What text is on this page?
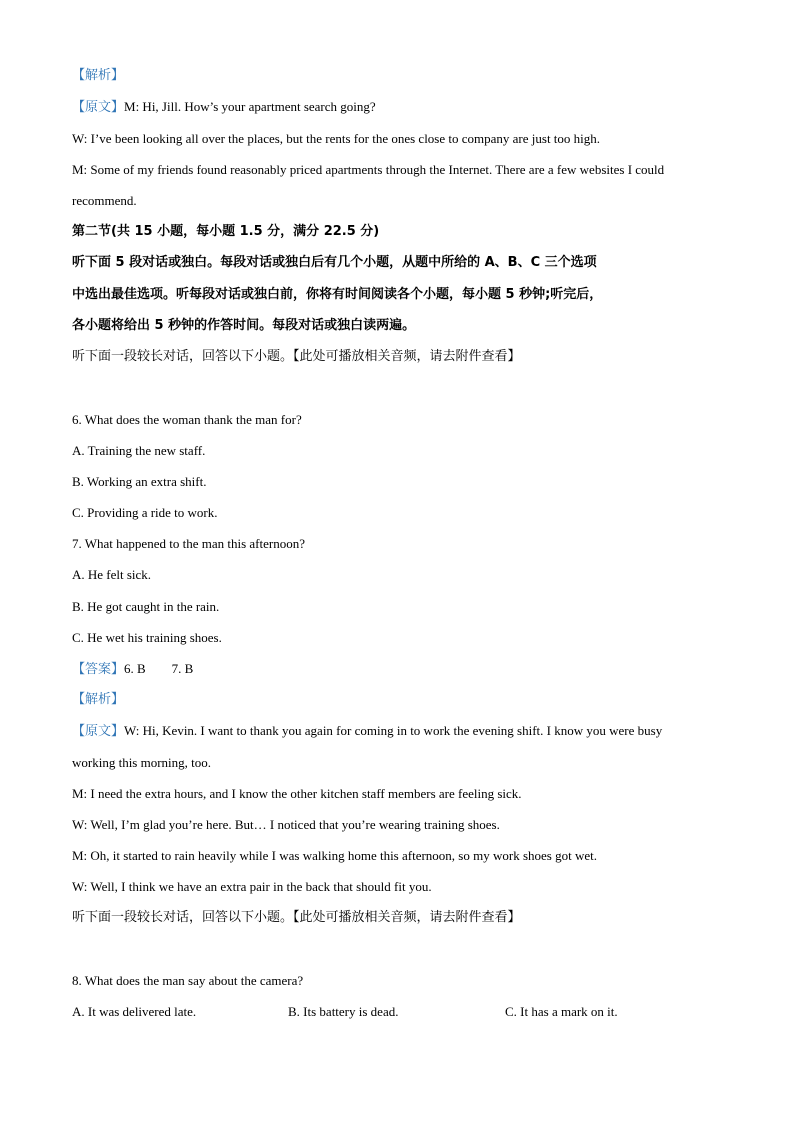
【解析】
【原文】M: Hi, Jill. How’s your apartment search going?
W: I’ve been looking all over the places, but the rents for the ones close to company are just too high.
M: Some of my friends found reasonably priced apartments through the Internet. There are a few websites I could
recommend.
第二节(共 15 小题，每小题 1.5 分，满分 22.5 分)
听下面 5 段对话或独白。每段对话或独白后有几个小题，从题中所给的 A、B、C 三个选项
中选出最佳选项。听每段对话或独白前，你将有时间阅读各个小题，每小题 5 秒钟;听完后，
各小题将给出 5 秒钟的作答时间。每段对话或独白读两遍。
听下面一段较长对话，回答以下小题。【此处可播放相关音频，请去附件查看】
6. What does the woman thank the man for?
A. Training the new staff.
B. Working an extra shift.
C. Providing a ride to work.
7. What happened to the man this afternoon?
A. He felt sick.
B. He got caught in the rain.
C. He wet his training shoes.
【答案】6. B        7. B
【解析】
【原文】W: Hi, Kevin. I want to thank you again for coming in to work the evening shift. I know you were busy
working this morning, too.
M: I need the extra hours, and I know the other kitchen staff members are feeling sick.
W: Well, I’m glad you’re here. But… I noticed that you’re wearing training shoes.
M: Oh, it started to rain heavily while I was walking home this afternoon, so my work shoes got wet.
W: Well, I think we have an extra pair in the back that should fit you.
听下面一段较长对话，回答以下小题。【此处可播放相关音频，请去附件查看】
8. What does the man say about the camera?
A. It was delivered late.	B. Its battery is dead.	C. It has a mark on it.
